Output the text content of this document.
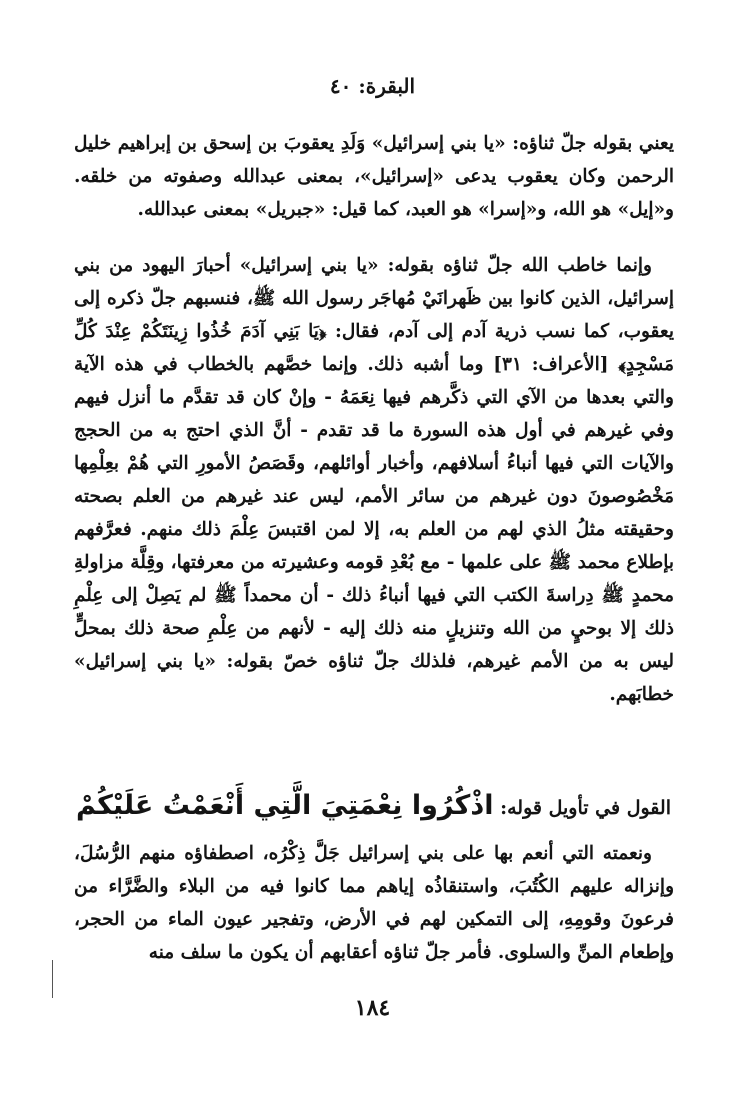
البقرة: ٤٠

يعني بقوله جلّ ثناؤه: «يا بني إسرائيل» وَلَدِ يعقوبَ بن إسحق بن إبراهيم خليل الرحمن وكان يعقوب يدعى «إسرائيل»، بمعنى عبدالله وصفوته من خلقه. و«إيل» هو الله، و«إسرا» هو العبد، كما قيل: «جبريل» بمعنى عبدالله.

وإنما خاطب الله جلّ ثناؤه بقوله: «يا بني إسرائيل» أحبارَ اليهود من بني إسرائيل، الذين كانوا بين ظَهرانَيْ مُهاجَر رسول الله ﷺ، فنسبهم جلّ ذكره إلى يعقوب، كما نسب ذرية آدم إلى آدم، فقال: ﴿يَا بَنِي آدَمَ خُذُوا زِينَتَكُمْ عِنْدَ كُلِّ مَسْجِدٍ﴾ [الأعراف: ٣١] وما أشبه ذلك. وإنما خصَّهم بالخطاب في هذه الآية والتي بعدها من الآي التي ذكَّرهم فيها نِعَمَهُ - وإنْ كان قد تقدَّم ما أنزل فيهم وفي غيرهم في أول هذه السورة ما قد تقدم - أنَّ الذي احتج به من الحجج والآيات التي فيها أنباءُ أسلافهم، وأخبار أوائلهم، وقَصَصُ الأمورِ التي هُمْ بعِلْمِها مَخْصُوصونَ دون غيرهم من سائر الأمم، ليس عند غيرهم من العلم بصحته وحقيقته مثلُ الذي لهم من العلم به، إلا لمن اقتبسَ عِلْمَ ذلك منهم. فعرَّفهم بإطلاع محمد ﷺ على علمها - مع بُعْدِ قومه وعشيرته من معرفتها، وقِلَّة مزاولةِ محمدٍ ﷺ دِراسةَ الكتب التي فيها أنباءُ ذلك - أن محمداً ﷺ لم يَصِلْ إلى عِلْمِ ذلك إلا بوحيٍ من الله وتنزيلٍ منه ذلك إليه - لأنهم من عِلْمِ صحة ذلك بمحلٍّ ليس به من الأمم غيرهم، فلذلك جلّ ثناؤه خصّ بقوله: «يا بني إسرائيل» خطابَهم.

القول في تأويل قوله: اذْكُرُوا نِعْمَتِيَ الَّتِي أَنْعَمْتُ عَلَيْكُمْ

ونعمته التي أنعم بها على بني إسرائيل جَلَّ ذِكْرُه، اصطفاؤه منهم الرُّسُلَ، وإنزاله عليهم الكُتُبَ، واستنقاذُه إياهم مما كانوا فيه من البلاء والضَّرَّاء من فرعونَ وقومِهِ، إلى التمكين لهم في الأرض، وتفجير عيون الماء من الحجر، وإطعام المنِّ والسلوى. فأمر جلّ ثناؤه أعقابهم أن يكون ما سلف منه

١٨٤
